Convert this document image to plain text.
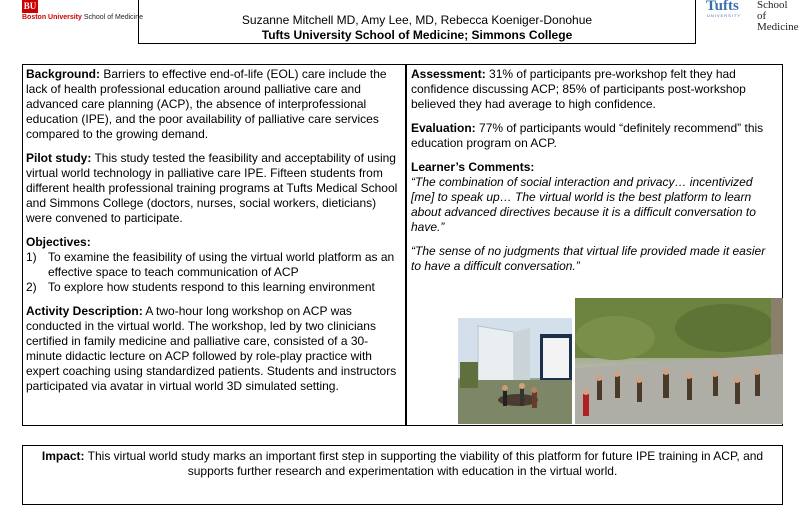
BU
Boston University School of Medicine
Tufts
UNIVERSITY
School of
Medicine
Suzanne Mitchell MD, Amy Lee, MD, Rebecca Koeniger-Donohue
Tufts University School of Medicine; Simmons College

Background: Barriers to effective end-of-life (EOL) care include the lack of health professional education around palliative care and advanced care planning (ACP), the absence of interprofessional education (IPE), and the poor availability of palliative care services compared to the growing demand.

Pilot study: This study tested the feasibility and acceptability of using virtual world technology in palliative care IPE. Fifteen students from different health professional training programs at Tufts Medical School and Simmons College (doctors, nurses, social workers, dieticians) were convened to participate.

Objectives:
1) To examine the feasibility of using the virtual world platform as an effective space to teach communication of ACP
2) To explore how students respond to this learning environment

Activity Description: A two-hour long workshop on ACP was conducted in the virtual world. The workshop, led by two clinicians certified in family medicine and palliative care, consisted of a 30-minute didactic lecture on ACP followed by role-play practice with expert coaching using standardized patients. Students and instructors participated via avatar in virtual world 3D simulated setting.

Assessment: 31% of participants pre-workshop felt they had confidence discussing ACP; 85% of participants post-workshop believed they had average to high confidence.

Evaluation: 77% of participants would “definitely recommend” this education program on ACP.

Learner’s Comments:

“The combination of social interaction and privacy… incentivized [me] to speak up… The virtual world is the best platform to learn about advanced directives because it is a difficult conversation to have.”

“The sense of no judgments that virtual life provided made it easier to have a difficult conversation.”

Impact: This virtual world study marks an important first step in supporting the viability of this platform for future IPE training in ACP, and supports further research and experimentation with education in the virtual world.
